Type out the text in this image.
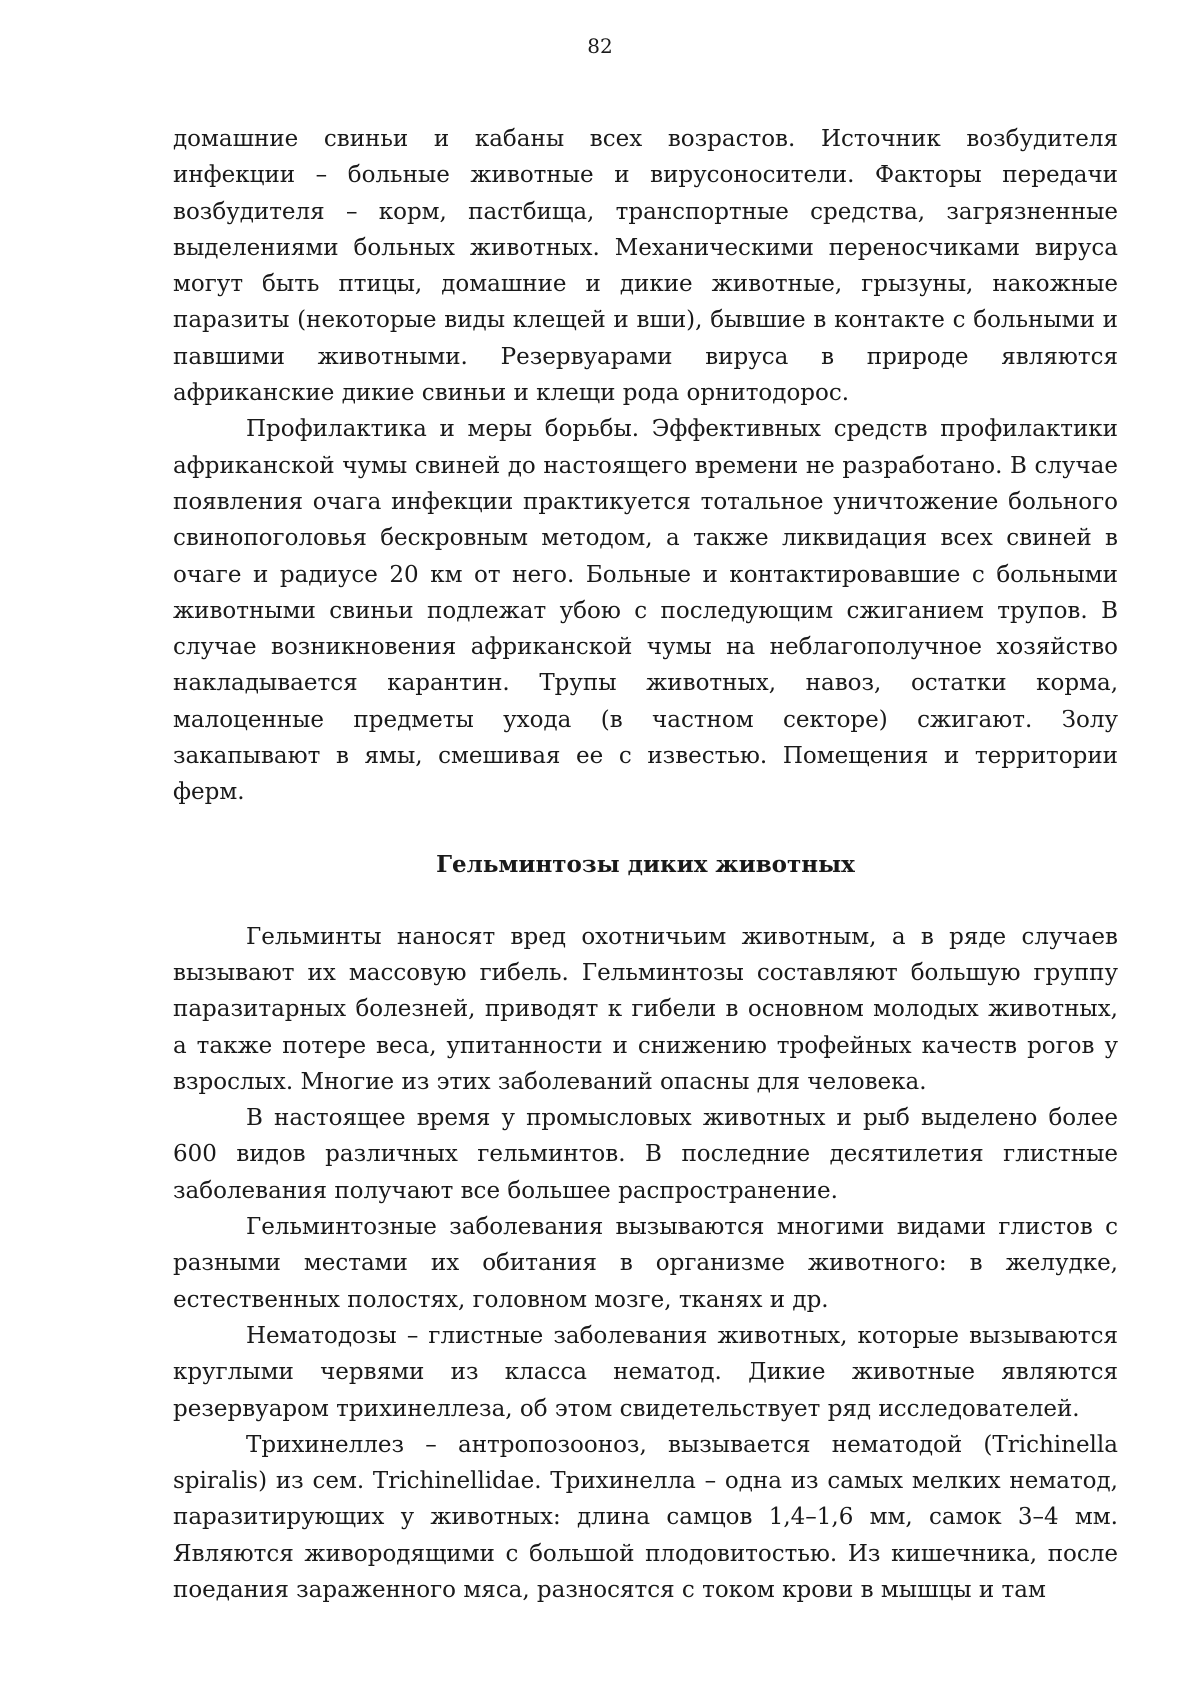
82

домашние свиньи и кабаны всех возрастов. Источник возбудителя инфекции – больные животные и вирусоносители. Факторы передачи возбудителя – корм, пастбища, транспортные средства, загрязненные выделениями больных животных. Механическими переносчиками вируса могут быть птицы, домашние и дикие животные, грызуны, накожные паразиты (некоторые виды клещей и вши), бывшие в контакте с больными и павшими животными. Резервуарами вируса в природе являются африканские дикие свиньи и клещи рода орнитодорос.

Профилактика и меры борьбы. Эффективных средств профилактики африканской чумы свиней до настоящего времени не разработано. В случае появления очага инфекции практикуется тотальное уничтожение больного свинопоголовья бескровным методом, а также ликвидация всех свиней в очаге и радиусе 20 км от него. Больные и контактировавшие с больными животными свиньи подлежат убою с последующим сжиганием трупов. В случае возникновения африканской чумы на неблагополучное хозяйство накладывается карантин. Трупы животных, навоз, остатки корма, малоценные предметы ухода (в частном секторе) сжигают. Золу закапывают в ямы, смешивая ее с известью. Помещения и территории ферм.

Гельминтозы диких животных

Гельминты наносят вред охотничьим животным, а в ряде случаев вызывают их массовую гибель. Гельминтозы составляют большую группу паразитарных болезней, приводят к гибели в основном молодых животных, а также потере веса, упитанности и снижению трофейных качеств рогов у взрослых. Многие из этих заболеваний опасны для человека.

В настоящее время у промысловых животных и рыб выделено более 600 видов различных гельминтов. В последние десятилетия глистные заболевания получают все большее распространение.

Гельминтозные заболевания вызываются многими видами глистов с разными местами их обитания в организме животного: в желудке, естественных полостях, головном мозге, тканях и др.

Нематодозы – глистные заболевания животных, которые вызываются круглыми червями из класса нематод. Дикие животные являются резервуаром трихинеллеза, об этом свидетельствует ряд исследователей.

Трихинеллез – антропозооноз, вызывается нематодой (Trichinella spiralis) из сем. Trichinellidae. Трихинелла – одна из самых мелких нематод, паразитирующих у животных: длина самцов 1,4–1,6 мм, самок 3–4 мм. Являются живородящими с большой плодовитостью. Из кишечника, после поедания зараженного мяса, разносятся с током крови в мышцы и там
